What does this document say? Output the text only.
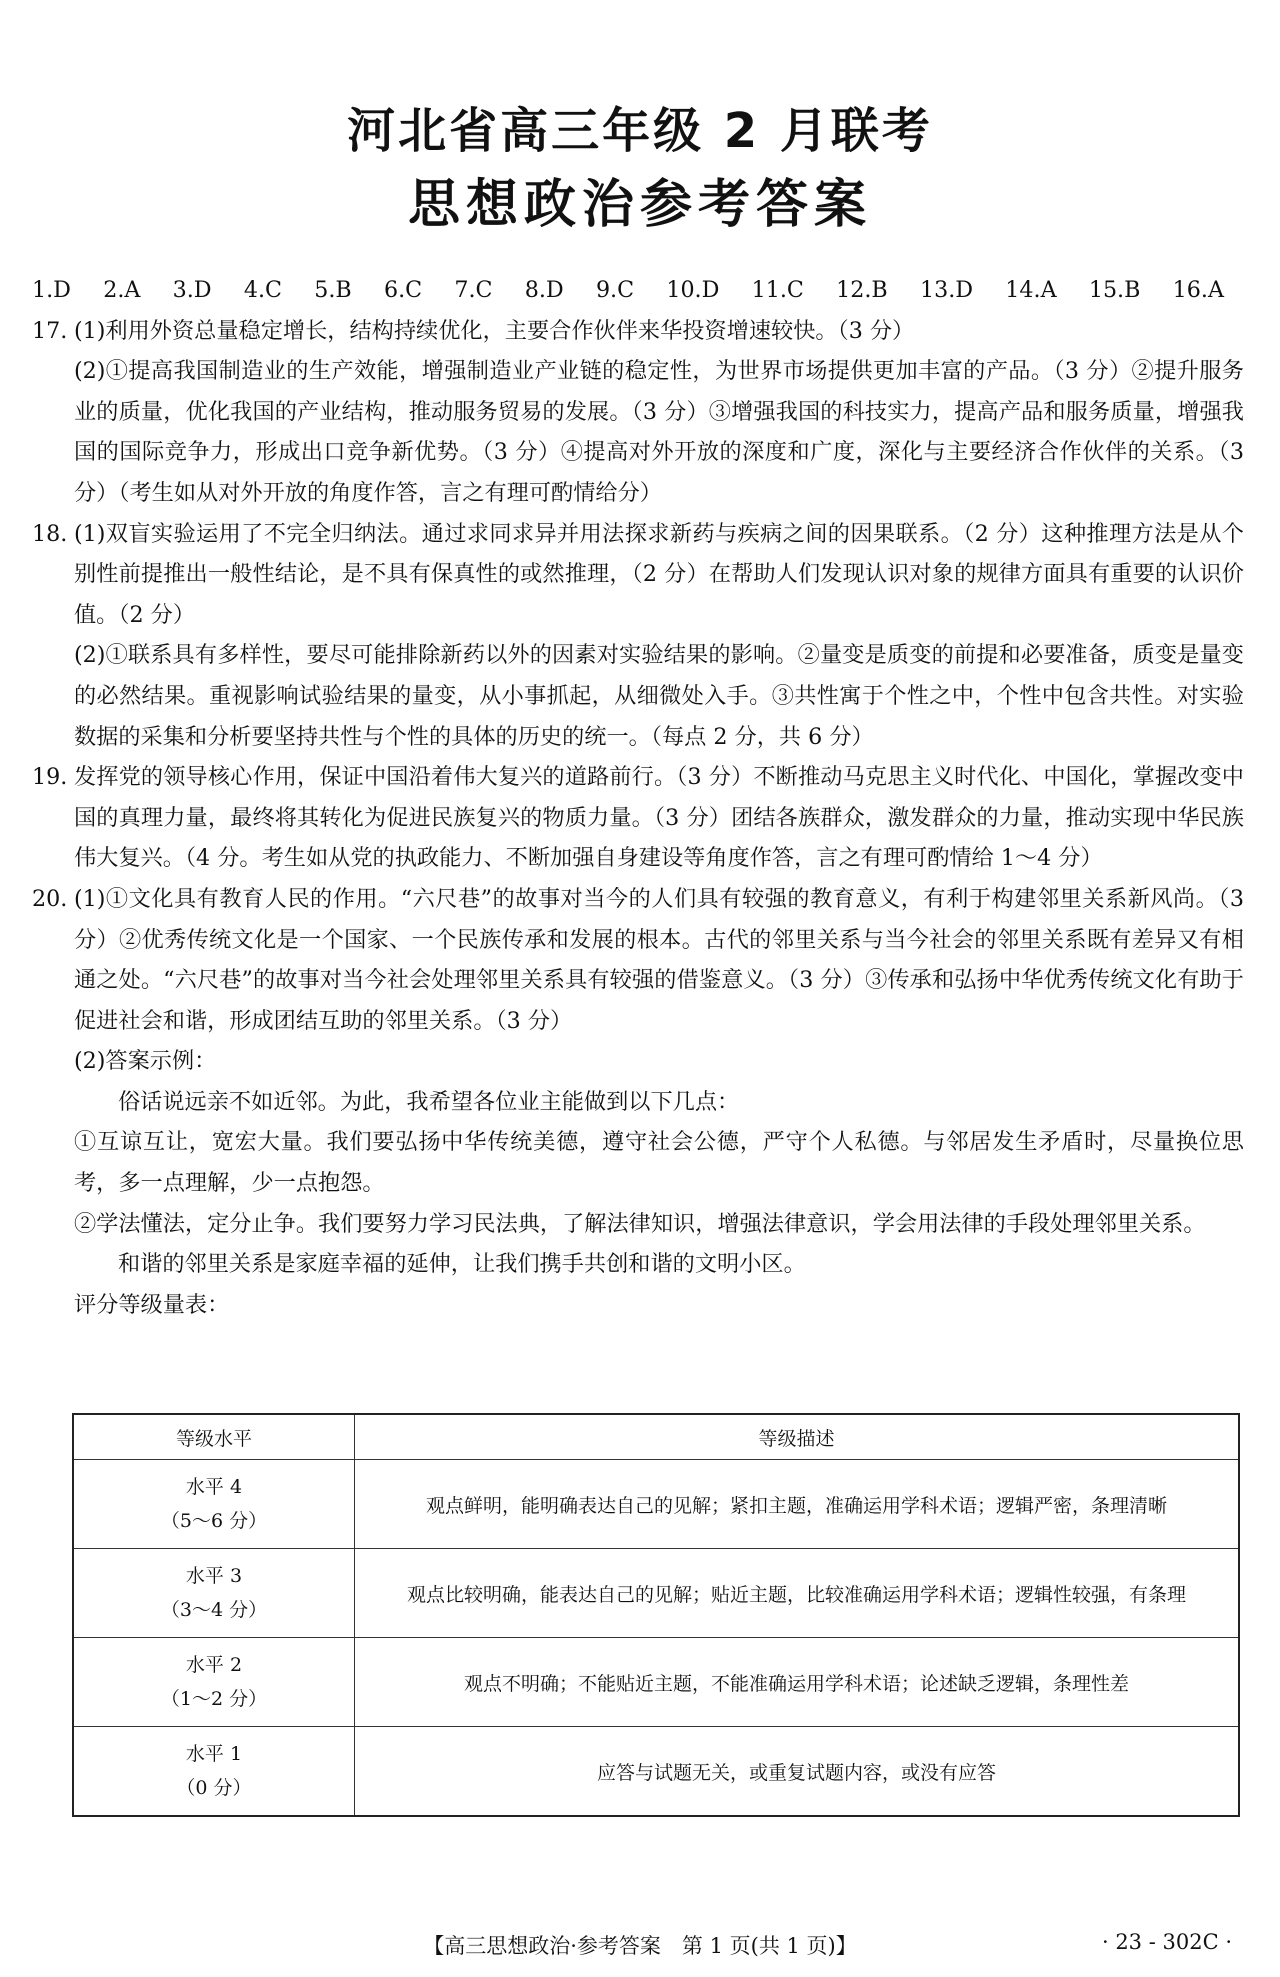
河北省高三年级 2 月联考
思想政治参考答案
1.D 2.A 3.D 4.C 5.B 6.C 7.C 8.D 9.C 10.D 11.C 12.B 13.D 14.A 15.B 16.A
17. (1)利用外资总量稳定增长，结构持续优化，主要合作伙伴来华投资增速较快。（3 分）

(2)①提高我国制造业的生产效能，增强制造业产业链的稳定性，为世界市场提供更加丰富的产品。（3 分）②提升服务业的质量，优化我国的产业结构，推动服务贸易的发展。（3 分）③增强我国的科技实力，提高产品和服务质量，增强我国的国际竞争力，形成出口竞争新优势。（3 分）④提高对外开放的深度和广度，深化与主要经济合作伙伴的关系。（3 分）（考生如从对外开放的角度作答，言之有理可酌情给分）

18. (1)双盲实验运用了不完全归纳法。通过求同求异并用法探求新药与疾病之间的因果联系。（2 分）这种推理方法是从个别性前提推出一般性结论，是不具有保真性的或然推理，（2 分）在帮助人们发现认识对象的规律方面具有重要的认识价值。（2 分）

(2)①联系具有多样性，要尽可能排除新药以外的因素对实验结果的影响。②量变是质变的前提和必要准备，质变是量变的必然结果。重视影响试验结果的量变，从小事抓起，从细微处入手。③共性寓于个性之中，个性中包含共性。对实验数据的采集和分析要坚持共性与个性的具体的历史的统一。（每点 2 分，共 6 分）

19. 发挥党的领导核心作用，保证中国沿着伟大复兴的道路前行。（3 分）不断推动马克思主义时代化、中国化，掌握改变中国的真理力量，最终将其转化为促进民族复兴的物质力量。（3 分）团结各族群众，激发群众的力量，推动实现中华民族伟大复兴。（4 分。考生如从党的执政能力、不断加强自身建设等角度作答，言之有理可酌情给 1～4 分）

20. (1)①文化具有教育人民的作用。“六尺巷”的故事对当今的人们具有较强的教育意义，有利于构建邻里关系新风尚。（3 分）②优秀传统文化是一个国家、一个民族传承和发展的根本。古代的邻里关系与当今社会的邻里关系既有差异又有相通之处。“六尺巷”的故事对当今社会处理邻里关系具有较强的借鉴意义。（3 分）③传承和弘扬中华优秀传统文化有助于促进社会和谐，形成团结互助的邻里关系。（3 分）

(2)答案示例：

俗话说远亲不如近邻。为此，我希望各位业主能做到以下几点：

①互谅互让，宽宏大量。我们要弘扬中华传统美德，遵守社会公德，严守个人私德。与邻居发生矛盾时，尽量换位思考，多一点理解，少一点抱怨。

②学法懂法，定分止争。我们要努力学习民法典，了解法律知识，增强法律意识，学会用法律的手段处理邻里关系。

和谐的邻里关系是家庭幸福的延伸，让我们携手共创和谐的文明小区。

评分等级量表：

等级水平	等级描述
水平 4
（5～6 分）	观点鲜明，能明确表达自己的见解；紧扣主题，准确运用学科术语；逻辑严密，条理清晰
水平 3
（3～4 分）	观点比较明确，能表达自己的见解；贴近主题，比较准确运用学科术语；逻辑性较强，有条理
水平 2
（1～2 分）	观点不明确；不能贴近主题，不能准确运用学科术语；论述缺乏逻辑，条理性差
水平 1
（0 分）	应答与试题无关，或重复试题内容，或没有应答
【高三思想政治·参考答案　第 1 页(共 1 页)】	· 23 - 302C ·
